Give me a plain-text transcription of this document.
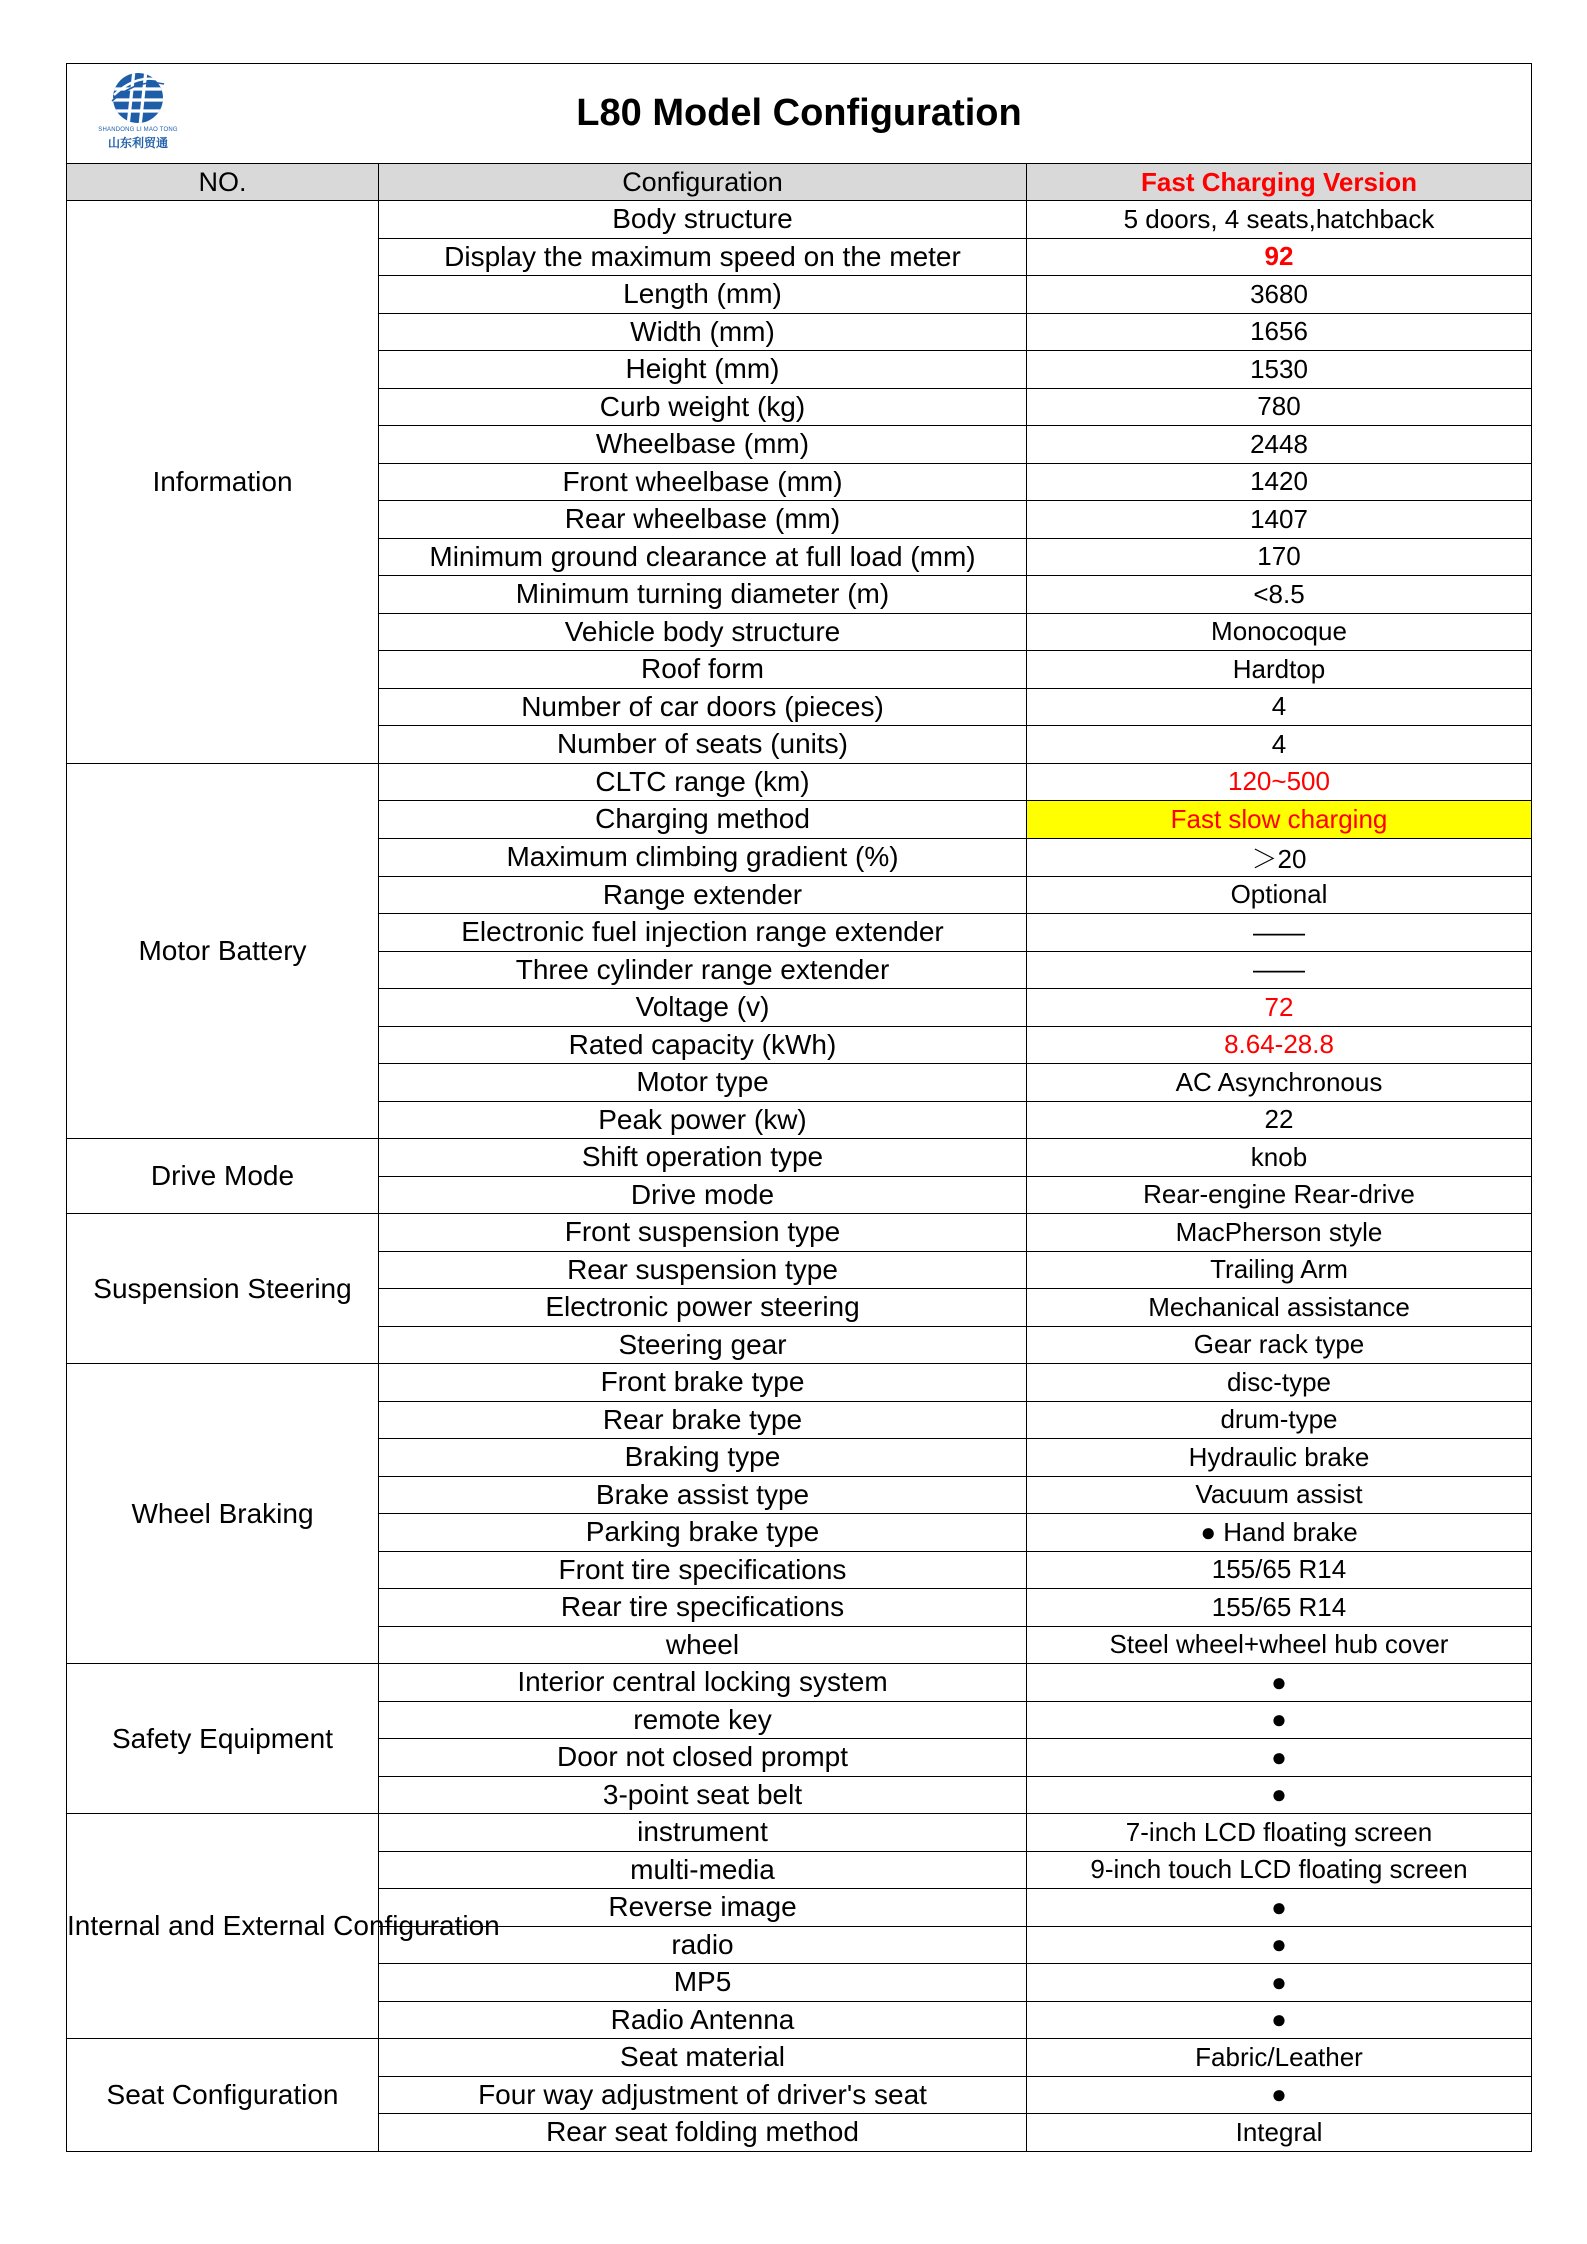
SHANDONG LI MAO TONG
山东利贸通
L80 Model Configuration		
NO.	Configuration	Fast Charging Version
Information	Body structure	5 doors, 4 seats,hatchback
	Display the maximum speed on the meter	92
	Length (mm)	3680
	Width (mm)	1656
	Height (mm)	1530
	Curb weight (kg)	780
	Wheelbase (mm)	2448
	Front wheelbase (mm)	1420
	Rear wheelbase (mm)	1407
	Minimum ground clearance at full load (mm)	170
	Minimum turning diameter (m)	<8.5
	Vehicle body structure	Monocoque
	Roof form	Hardtop
	Number of car doors (pieces)	4
	Number of seats (units)	4
Motor Battery	CLTC range (km)	120~500
	Charging method	Fast slow charging
	Maximum climbing gradient (%)	＞20
	Range extender	Optional
	Electronic fuel injection range extender	——
	Three cylinder range extender	——
	Voltage (v)	72
	Rated capacity (kWh)	8.64-28.8
	Motor type	AC Asynchronous
	Peak power (kw)	22
Drive Mode	Shift operation type	knob
	Drive mode	Rear-engine Rear-drive
Suspension Steering	Front suspension type	MacPherson style
	Rear suspension type	Trailing Arm
	Electronic power steering	Mechanical assistance
	Steering gear	Gear rack type
Wheel Braking	Front brake type	disc-type
	Rear brake type	drum-type
	Braking type	Hydraulic brake
	Brake assist type	Vacuum assist
	Parking brake type	● Hand brake
	Front tire specifications	155/65 R14
	Rear tire specifications	155/65 R14
	wheel	Steel wheel+wheel hub cover
Safety Equipment	Interior central locking system	●
	remote key	●
	Door not closed prompt	●
	3-point seat belt	●
Internal and External Configuration	instrument	7-inch LCD floating screen
	multi-media	9-inch touch LCD floating screen
	Reverse image	●
	radio	●
	MP5	●
	Radio Antenna	●
Seat Configuration	Seat material	Fabric/Leather
	Four way adjustment of driver's seat	●
	Rear seat folding method	Integral
